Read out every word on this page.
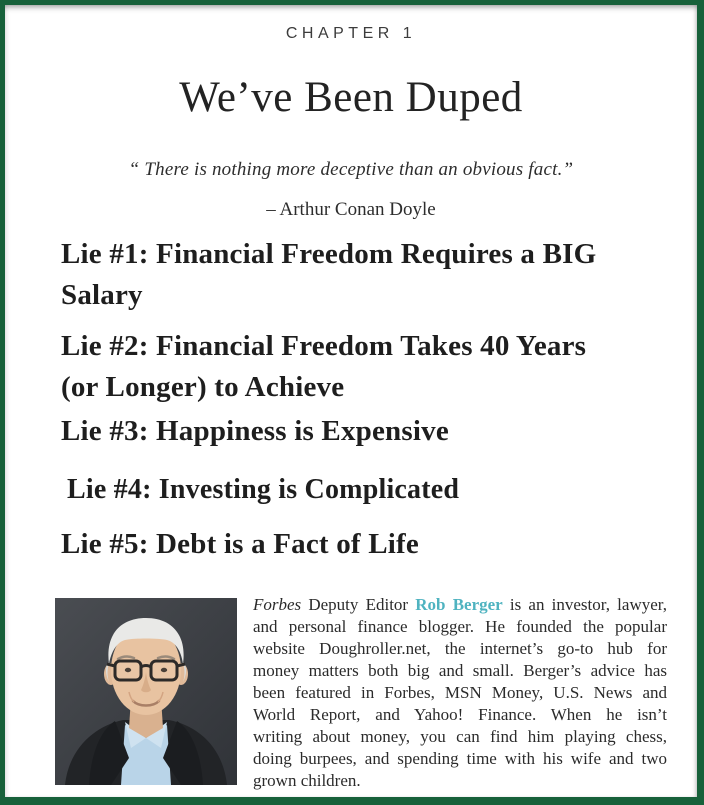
CHAPTER 1
We’ve Been Duped
“ There is nothing more deceptive than an obvious fact.”
– Arthur Conan Doyle
Lie #1: Financial Freedom Requires a BIG
Salary
Lie #2: Financial Freedom Takes 40 Years
(or Longer) to Achieve
Lie #3: Happiness is Expensive
Lie #4: Investing is Complicated
Lie #5: Debt is a Fact of Life
Forbes Deputy Editor Rob Berger is an investor, lawyer,
and personal finance blogger. He founded the popular
website Doughroller.net, the internet’s go-to hub for
money matters both big and small. Berger’s advice has
been featured in Forbes, MSN Money, U.S. News and
World Report, and Yahoo! Finance. When he isn’t
writing about money, you can find him playing chess,
doing burpees, and spending time with his wife and two
grown children.
